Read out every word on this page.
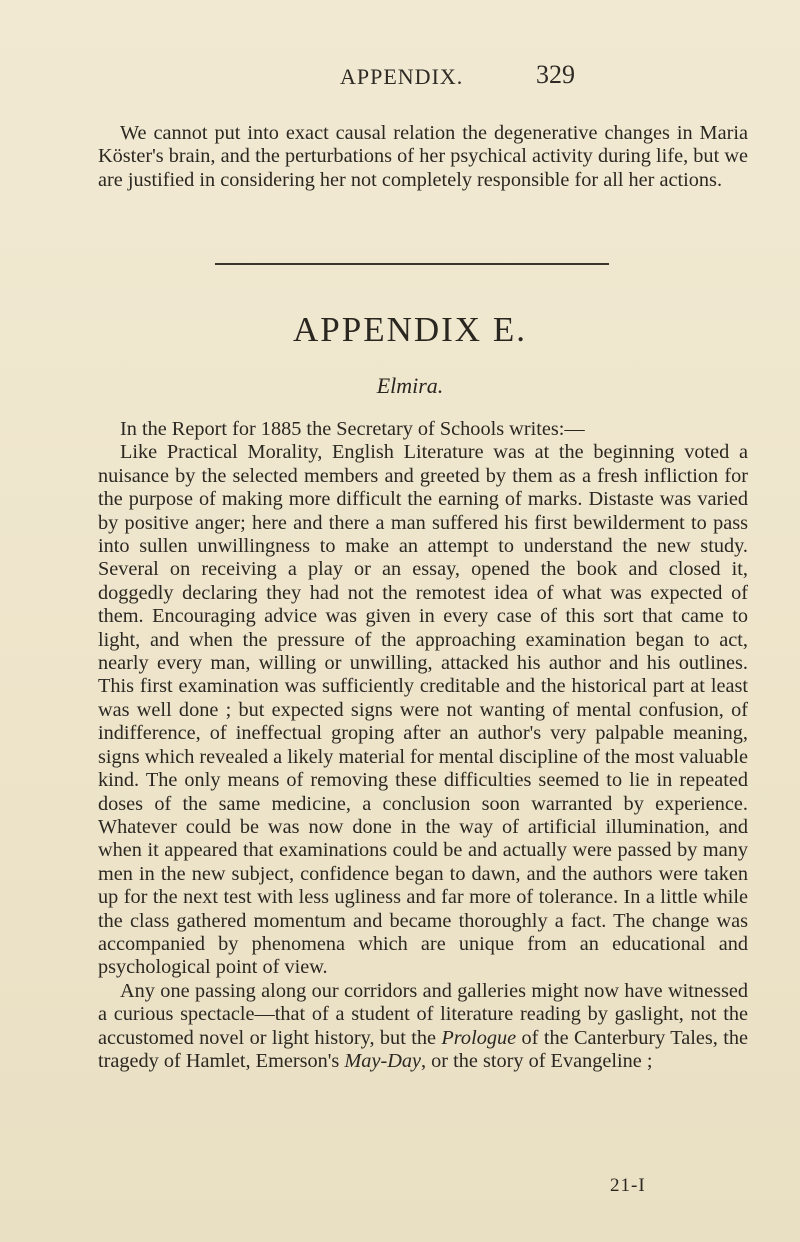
APPENDIX.	329

We cannot put into exact causal relation the degenerative changes in Maria Köster's brain, and the perturbations of her psychical activity during life, but we are justified in considering her not completely responsible for all her actions.

APPENDIX E.
Elmira.

In the Report for 1885 the Secretary of Schools writes:—

Like Practical Morality, English Literature was at the beginning voted a nuisance by the selected members and greeted by them as a fresh infliction for the purpose of making more difficult the earning of marks. Distaste was varied by positive anger; here and there a man suffered his first bewilderment to pass into sullen unwillingness to make an attempt to understand the new study. Several on receiving a play or an essay, opened the book and closed it, doggedly declaring they had not the remotest idea of what was expected of them. Encouraging advice was given in every case of this sort that came to light, and when the pressure of the approaching examination began to act, nearly every man, willing or unwilling, attacked his author and his outlines. This first examination was sufficiently creditable and the historical part at least was well done ; but expected signs were not wanting of mental confusion, of indifference, of ineffectual groping after an author's very palpable meaning, signs which revealed a likely material for mental discipline of the most valuable kind. The only means of removing these difficulties seemed to lie in repeated doses of the same medicine, a conclusion soon warranted by experience. Whatever could be was now done in the way of artificial illumination, and when it appeared that examinations could be and actually were passed by many men in the new subject, confidence began to dawn, and the authors were taken up for the next test with less ugliness and far more of tolerance. In a little while the class gathered momentum and became thoroughly a fact. The change was accompanied by phenomena which are unique from an educational and psychological point of view.

Any one passing along our corridors and galleries might now have witnessed a curious spectacle—that of a student of literature reading by gaslight, not the accustomed novel or light history, but the Prologue of the Canterbury Tales, the tragedy of Hamlet, Emerson's May-Day, or the story of Evangeline ;

21-I
